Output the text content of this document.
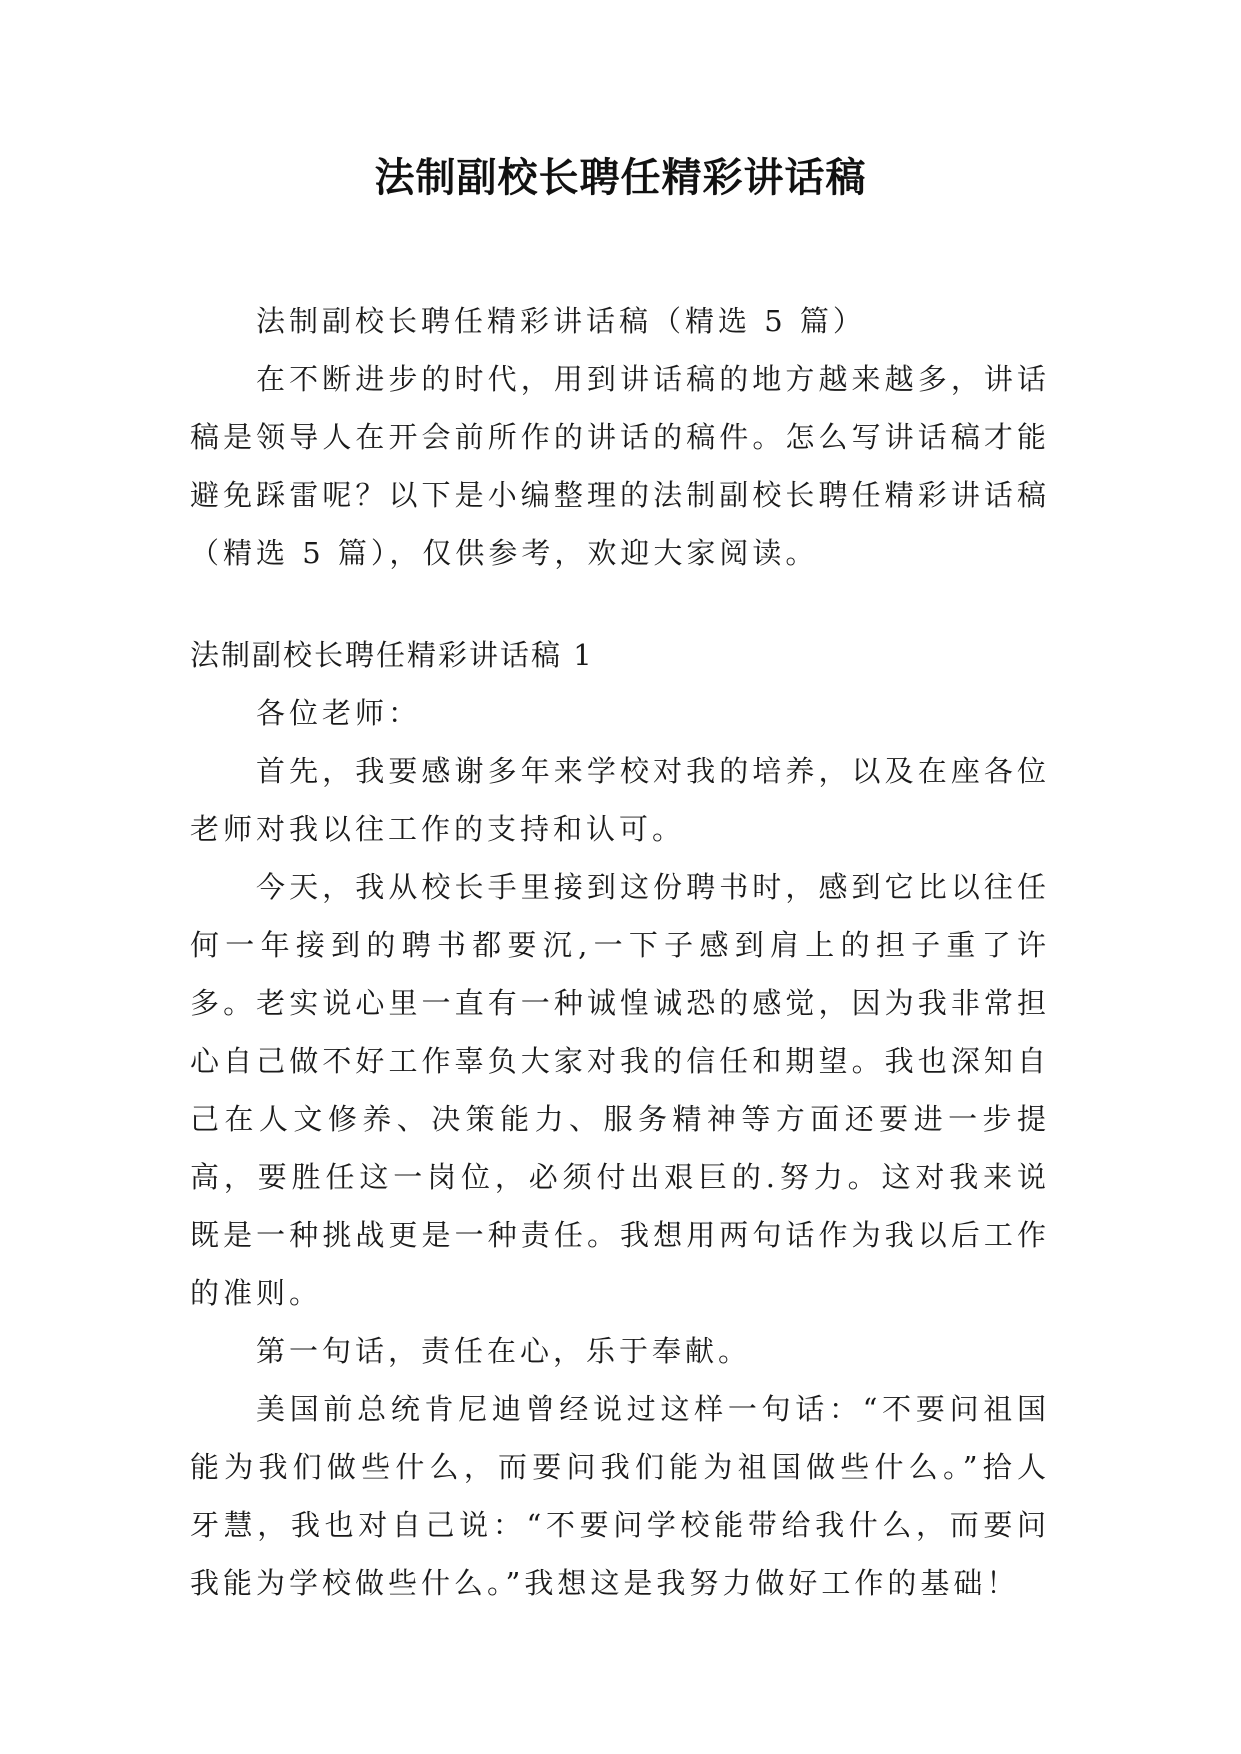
法制副校长聘任精彩讲话稿

法制副校长聘任精彩讲话稿（精选 5 篇）

在不断进步的时代，用到讲话稿的地方越来越多，讲话稿是领导人在开会前所作的讲话的稿件。怎么写讲话稿才能避免踩雷呢？以下是小编整理的法制副校长聘任精彩讲话稿（精选 5 篇），仅供参考，欢迎大家阅读。

法制副校长聘任精彩讲话稿 1

各位老师：

首先，我要感谢多年来学校对我的培养，以及在座各位老师对我以往工作的支持和认可。

今天，我从校长手里接到这份聘书时，感到它比以往任何一年接到的聘书都要沉,一下子感到肩上的担子重了许多。老实说心里一直有一种诚惶诚恐的感觉，因为我非常担心自己做不好工作辜负大家对我的信任和期望。我也深知自己在人文修养、决策能力、服务精神等方面还要进一步提高，要胜任这一岗位，必须付出艰巨的.努力。这对我来说既是一种挑战更是一种责任。我想用两句话作为我以后工作的准则。

第一句话，责任在心，乐于奉献。

美国前总统肯尼迪曾经说过这样一句话：“不要问祖国能为我们做些什么，而要问我们能为祖国做些什么。”拾人牙慧，我也对自己说：“不要问学校能带给我什么，而要问我能为学校做些什么。”我想这是我努力做好工作的基础！
